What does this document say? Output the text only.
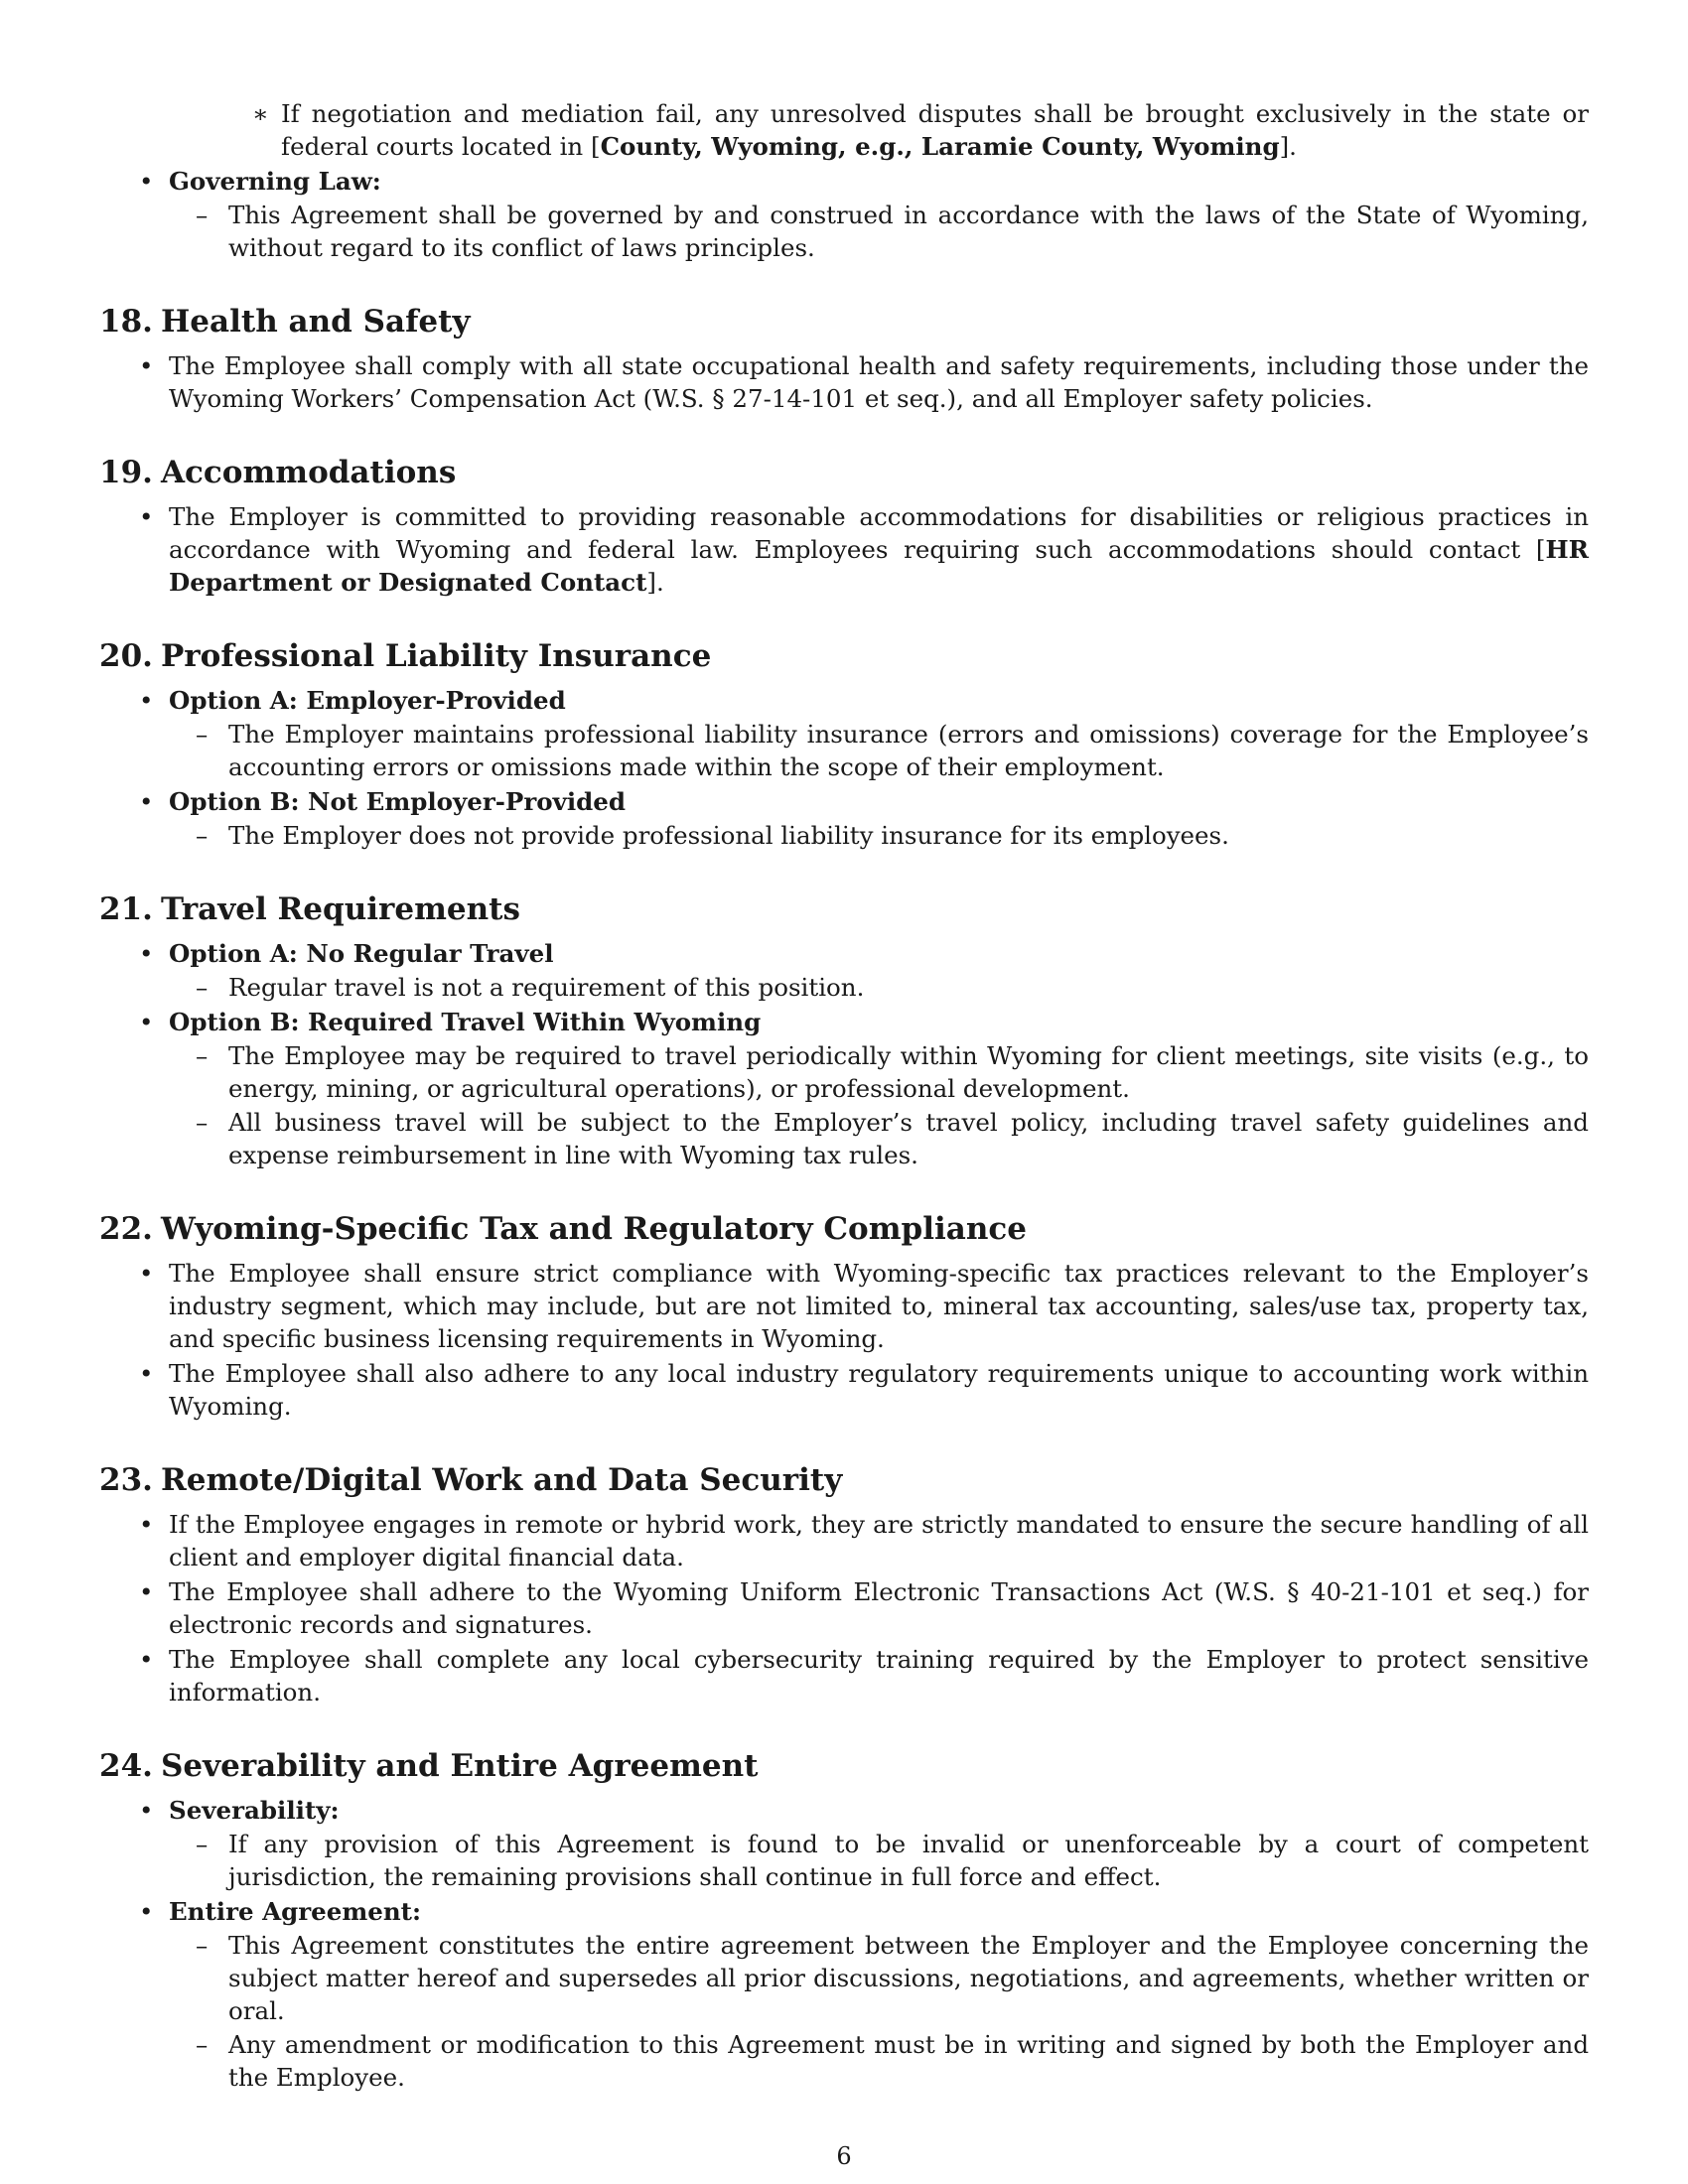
∗ If negotiation and mediation fail, any unresolved disputes shall be brought exclusively in the state or federal courts located in [County, Wyoming, e.g., Laramie County, Wyoming].
• Governing Law:
– This Agreement shall be governed by and construed in accordance with the laws of the State of Wyoming, without regard to its conflict of laws principles.
18. Health and Safety
• The Employee shall comply with all state occupational health and safety requirements, including those under the Wyoming Workers’ Compensation Act (W.S. § 27-14-101 et seq.), and all Employer safety policies.
19. Accommodations
• The Employer is committed to providing reasonable accommodations for disabilities or religious practices in accordance with Wyoming and federal law. Employees requiring such accommodations should contact [HR Department or Designated Contact].
20. Professional Liability Insurance
• Option A: Employer-Provided
– The Employer maintains professional liability insurance (errors and omissions) coverage for the Employee’s accounting errors or omissions made within the scope of their employment.
• Option B: Not Employer-Provided
– The Employer does not provide professional liability insurance for its employees.
21. Travel Requirements
• Option A: No Regular Travel
– Regular travel is not a requirement of this position.
• Option B: Required Travel Within Wyoming
– The Employee may be required to travel periodically within Wyoming for client meetings, site visits (e.g., to energy, mining, or agricultural operations), or professional development.
– All business travel will be subject to the Employer’s travel policy, including travel safety guidelines and expense reimbursement in line with Wyoming tax rules.
22. Wyoming-Specific Tax and Regulatory Compliance
• The Employee shall ensure strict compliance with Wyoming-specific tax practices relevant to the Employer’s industry segment, which may include, but are not limited to, mineral tax accounting, sales/use tax, property tax, and specific business licensing requirements in Wyoming.
• The Employee shall also adhere to any local industry regulatory requirements unique to accounting work within Wyoming.
23. Remote/Digital Work and Data Security
• If the Employee engages in remote or hybrid work, they are strictly mandated to ensure the secure handling of all client and employer digital financial data.
• The Employee shall adhere to the Wyoming Uniform Electronic Transactions Act (W.S. § 40-21-101 et seq.) for electronic records and signatures.
• The Employee shall complete any local cybersecurity training required by the Employer to protect sensitive information.
24. Severability and Entire Agreement
• Severability:
– If any provision of this Agreement is found to be invalid or unenforceable by a court of competent jurisdiction, the remaining provisions shall continue in full force and effect.
• Entire Agreement:
– This Agreement constitutes the entire agreement between the Employer and the Employee concerning the subject matter hereof and supersedes all prior discussions, negotiations, and agreements, whether written or oral.
– Any amendment or modification to this Agreement must be in writing and signed by both the Employer and the Employee.
6
